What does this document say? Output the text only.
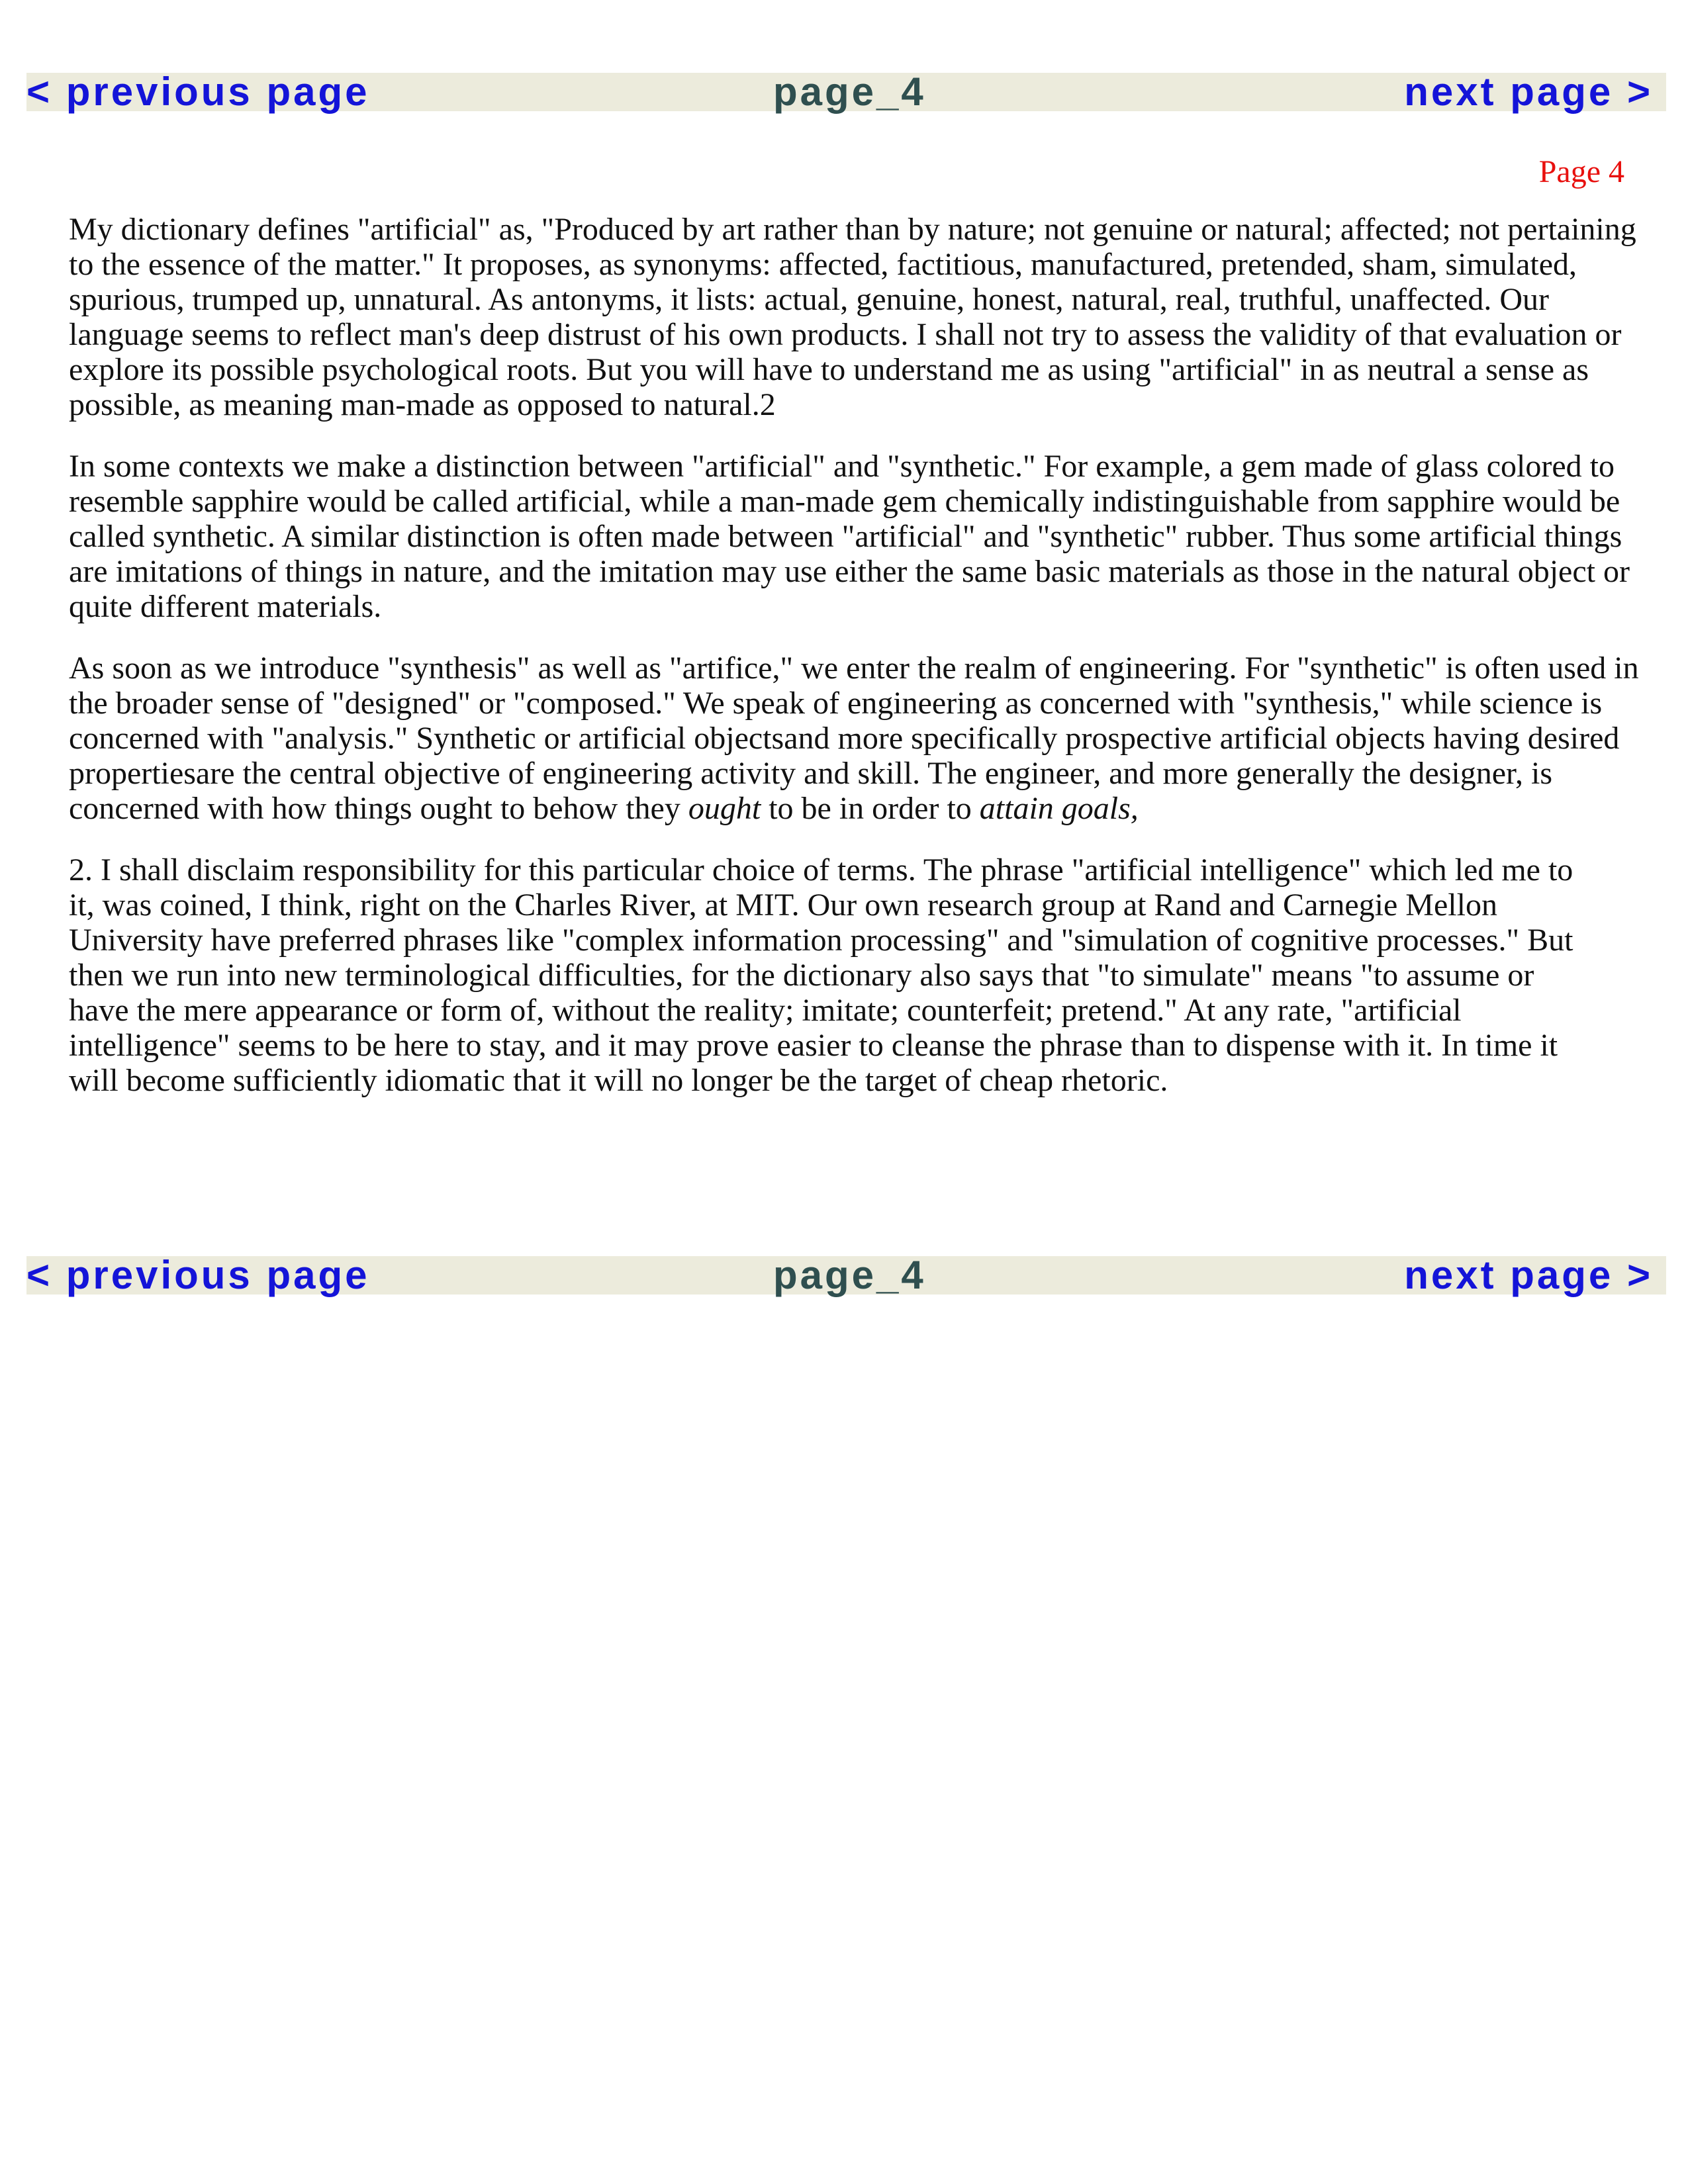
< previous page	page_4	next page >
Page 4

My dictionary defines "artificial" as, "Produced by art rather than by nature; not genuine or natural; affected; not pertaining to the essence of the matter." It proposes, as synonyms: affected, factitious, manufactured, pretended, sham, simulated, spurious, trumped up, unnatural. As antonyms, it lists: actual, genuine, honest, natural, real, truthful, unaffected. Our language seems to reflect man's deep distrust of his own products. I shall not try to assess the validity of that evaluation or explore its possible psychological roots. But you will have to understand me as using "artificial" in as neutral a sense as possible, as meaning man-made as opposed to natural.2

In some contexts we make a distinction between "artificial" and "synthetic." For example, a gem made of glass colored to resemble sapphire would be called artificial, while a man-made gem chemically indistinguishable from sapphire would be called synthetic. A similar distinction is often made between "artificial" and "synthetic" rubber. Thus some artificial things are imitations of things in nature, and the imitation may use either the same basic materials as those in the natural object or quite different materials.

As soon as we introduce "synthesis" as well as "artifice," we enter the realm of engineering. For "synthetic" is often used in the broader sense of "designed" or "composed." We speak of engineering as concerned with "synthesis," while science is concerned with "analysis." Synthetic or artificial objectsand more specifically prospective artificial objects having desired propertiesare the central objective of engineering activity and skill. The engineer, and more generally the designer, is concerned with how things ought to behow they ought to be in order to attain goals,

2. I shall disclaim responsibility for this particular choice of terms. The phrase "artificial intelligence" which led me to it, was coined, I think, right on the Charles River, at MIT. Our own research group at Rand and Carnegie Mellon University have preferred phrases like "complex information processing" and "simulation of cognitive processes." But then we run into new terminological difficulties, for the dictionary also says that "to simulate" means "to assume or have the mere appearance or form of, without the reality; imitate; counterfeit; pretend." At any rate, "artificial intelligence" seems to be here to stay, and it may prove easier to cleanse the phrase than to dispense with it. In time it will become sufficiently idiomatic that it will no longer be the target of cheap rhetoric.

< previous page	page_4	next page >
